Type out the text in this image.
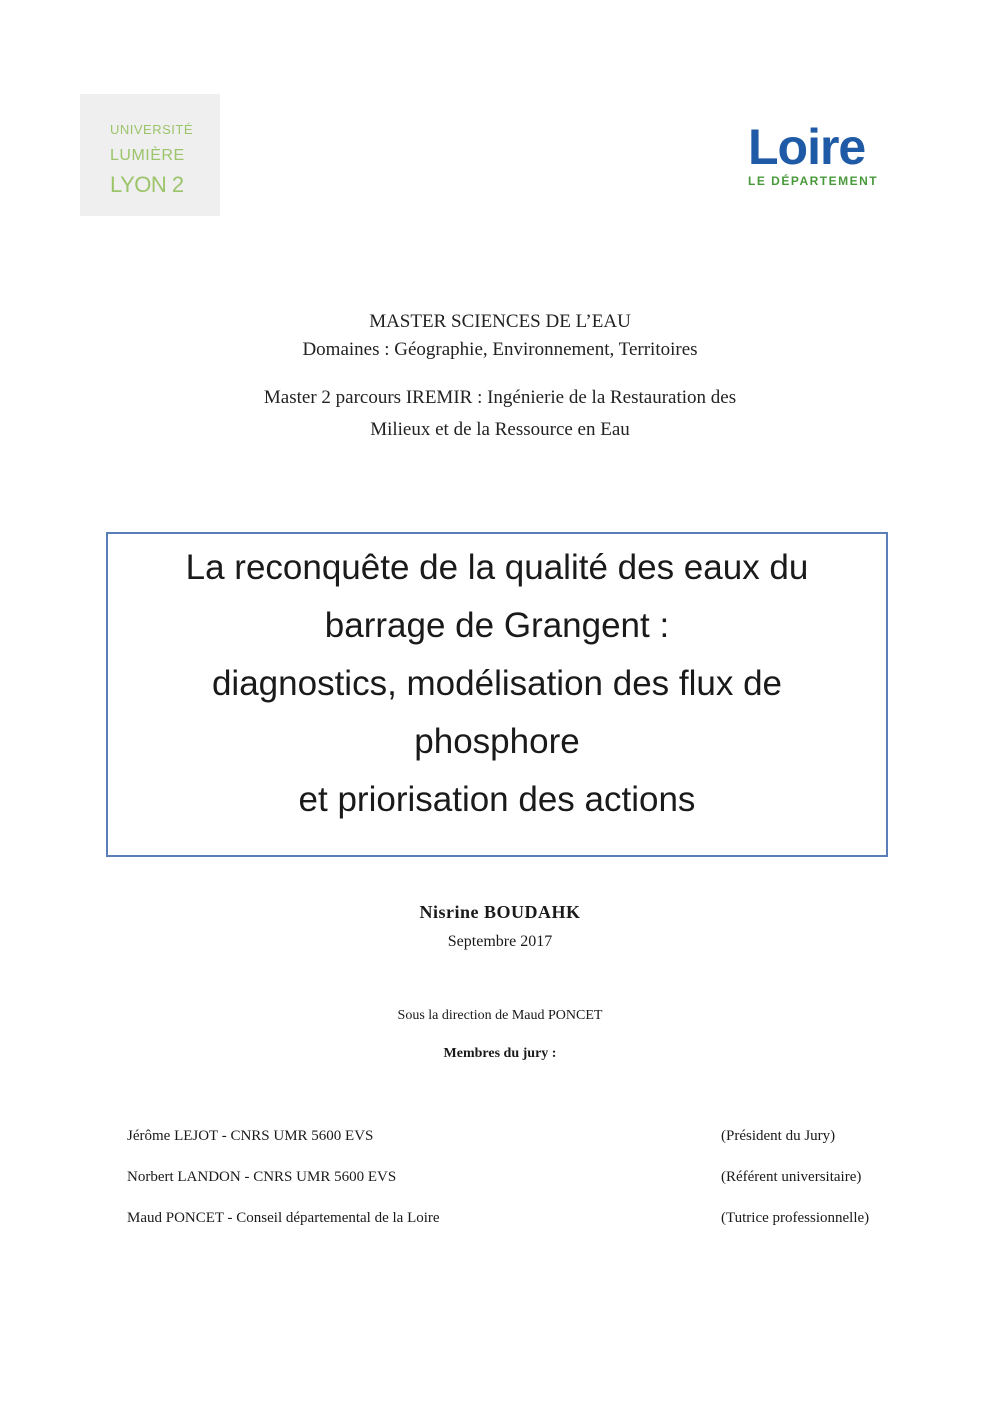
UNIVERSITÉ
LUMIÈRE
LYON 2
Loire
LE DÉPARTEMENT
MASTER SCIENCES DE L’EAU
Domaines : Géographie, Environnement, Territoires
Master 2 parcours IREMIR : Ingénierie de la Restauration des
Milieux et de la Ressource en Eau
La reconquête de la qualité des eaux du
barrage de Grangent :
diagnostics, modélisation des flux de
phosphore
et priorisation des actions
Nisrine BOUDAHK
Septembre 2017
Sous la direction de Maud PONCET
Membres du jury :
Jérôme LEJOT - CNRS UMR 5600 EVS	(Président du Jury)
Norbert LANDON - CNRS UMR 5600 EVS	(Référent universitaire)
Maud PONCET - Conseil départemental de la Loire	(Tutrice professionnelle)
